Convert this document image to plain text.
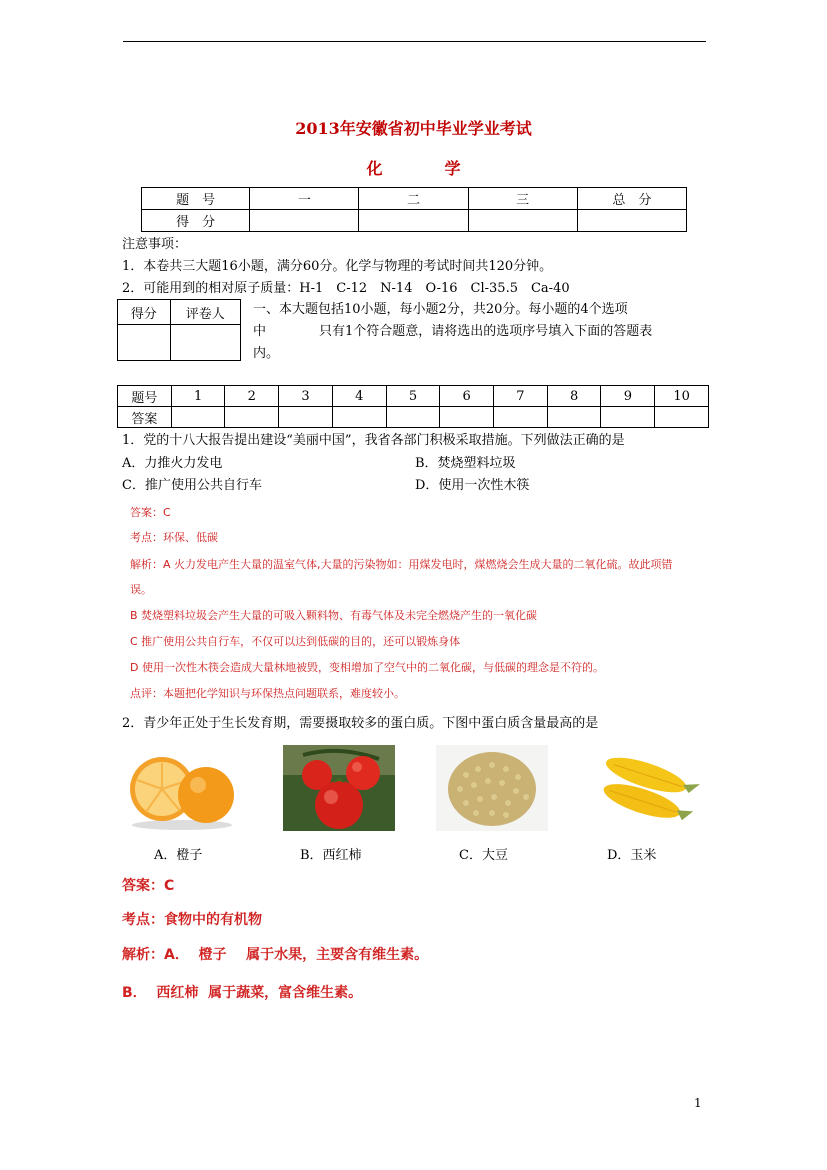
2013年安徽省初中毕业学业考试
化	学
题　号	一	二	三	总　分
得　分				
注意事项：
1．本卷共三大题16小题，满分60分。化学与物理的考试时间共120分钟。
2．可能用到的相对原子质量：H-1　C-12　N-14　O-16　Cl-35.5　Ca-40
得分	评卷人
	一、本大题包括10小题，每小题2分，共20分。每小题的4个选项
中	只有1个符合题意，请将选出的选项序号填入下面的答题表
内。
题号	1	2	3	4	5	6	7	8	9	10
答案										
1．党的十八大报告提出建设“美丽中国”，我省各部门积极采取措施。下列做法正确的是
A．力推火力发电	B．焚烧塑料垃圾
C．推广使用公共自行车	D．使用一次性木筷
答案：C
考点：环保、低碳
解析：A 火力发电产生大量的温室气体,大量的污染物如：用煤发电时，煤燃烧会生成大量的二氧化硫。故此项错
误。
B 焚烧塑料垃圾会产生大量的可吸入颗料物、有毒气体及未完全燃烧产生的一氧化碳
C 推广使用公共自行车，不仅可以达到低碳的目的，还可以锻炼身体
D 使用一次性木筷会造成大量林地被毁，变相增加了空气中的二氧化碳，与低碳的理念是不符的。
点评：本题把化学知识与环保热点问题联系，难度较小。
2．青少年正处于生长发育期，需要摄取较多的蛋白质。下图中蛋白质含量最高的是
A．橙子	B．西红柿	C．大豆	D．玉米
答案：C
考点：食物中的有机物
解析：A．  橙子    属于水果，主要含有维生素。
B．  西红柿  属于蔬菜，富含维生素。
1
